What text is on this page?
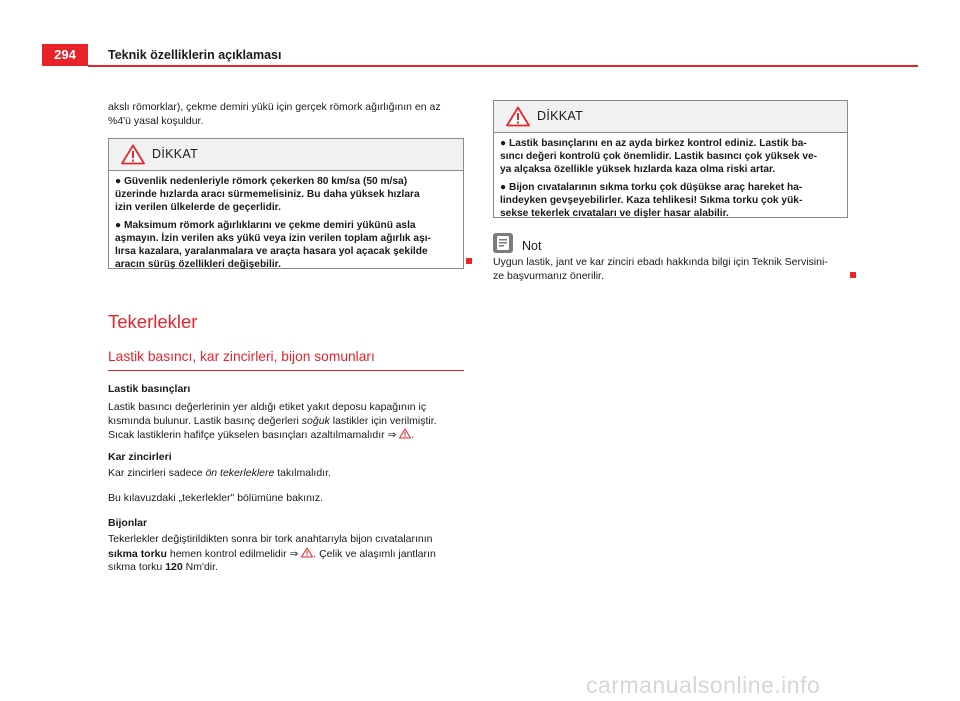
294	Teknik özelliklerin açıklaması
akslı römorklar), çekme demiri yükü için gerçek römork ağırlığının en az
%4'ü yasal koşuldur.
DİKKAT

● Güvenlik nedenleriyle römork çekerken 80 km/sa (50 m/sa)
üzerinde hızlarda aracı sürmemelisiniz. Bu daha yüksek hızlara
izin verilen ülkelerde de geçerlidir.

● Maksimum römork ağırlıklarını ve çekme demiri yükünü asla
aşmayın. İzin verilen aks yükü veya izin verilen toplam ağırlık aşı-
lırsa kazalara, yaralanmalara ve araçta hasara yol açacak şekilde
aracın sürüş özellikleri değişebilir.

Tekerlekler
Lastik basıncı, kar zincirleri, bijon somunları
Lastik basınçları
Lastik basıncı değerlerinin yer aldığı etiket yakıt deposu kapağının iç
kısmında bulunur. Lastik basınç değerleri soğuk lastikler için verilmiştir.
Sıcak lastiklerin hafifçe yükselen basınçları azaltılmamalıdır ⇒ .
Kar zincirleri
Kar zincirleri sadece ön tekerleklere takılmalıdır.
Bu kılavuzdaki „tekerlekler" bölümüne bakınız.
Bijonlar
Tekerlekler değiştirildikten sonra bir tork anahtarıyla bijon cıvatalarının
sıkma torku hemen kontrol edilmelidir ⇒ . Çelik ve alaşımlı jantların
sıkma torku 120 Nm'dir.
DİKKAT

● Lastik basınçlarını en az ayda birkez kontrol ediniz. Lastik ba-
sıncı değeri kontrolü çok önemlidir. Lastik basıncı çok yüksek ve-
ya alçaksa özellikle yüksek hızlarda kaza olma riski artar.

● Bijon cıvatalarının sıkma torku çok düşükse araç hareket ha-
lindeyken gevşeyebilirler. Kaza tehlikesi! Sıkma torku çok yük-
sekse tekerlek cıvataları ve dişler hasar alabilir.

Not
Uygun lastik, jant ve kar zinciri ebadı hakkında bilgi için Teknik Servisini-
ze başvurmanız önerilir.
carmanualsonline.info
